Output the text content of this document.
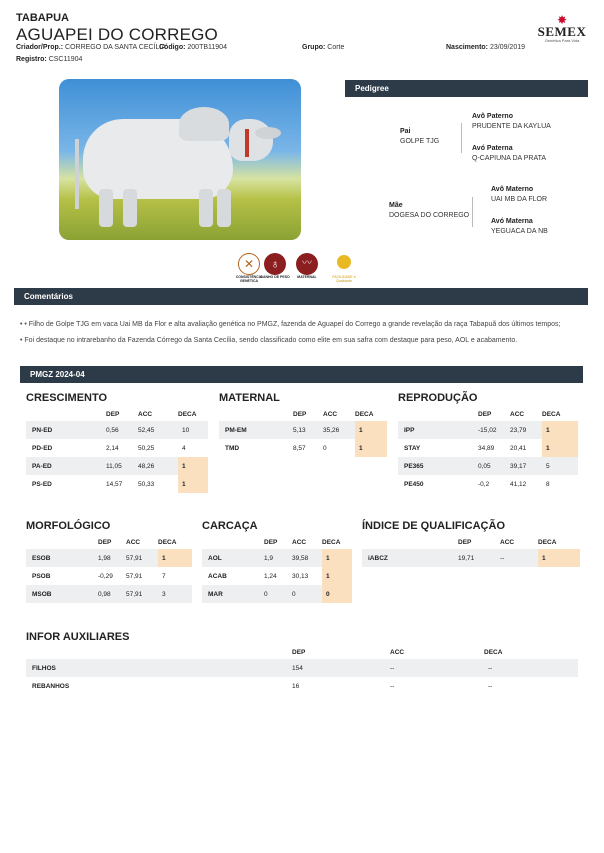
TABAPUA
AGUAPEI DO CORREGO
Criador/Prop.: CORREGO DA SANTA CECÍLIA
Código: 200TB11904	Grupo: Corte	Nascimento: 23/09/2019
Registro: CSC11904
✸
SEMEX
Genética Para Vida
Pedigree
Pai
GOLPE TJG
Avô Paterno
PRUDENTE DA KAYLUA
Avó Paterna
Q-CAPIUNA DA PRATA
Mãe
DOGESA DO CORREGO
Avô Materno
UAI MB DA FLOR
Avó Materna
YEGUACA DA NB
✕
CONSISTÊNCIA GENÉTICA
♁
GANHO DE PESO
〰
MATERNAL	FACILIDADE e Qualidade
Comentários
• • Filho de Golpe TJG em vaca Uai MB da Flor e alta avaliação genética no PMGZ, fazenda de Aguapeí do Corrego a grande revelação da raça Tabapuã dos últimos tempos;
• Foi destaque no intrarebanho da Fazenda Córrego da Santa Cecília, sendo classificado como elite em sua safra com destaque para peso, AOL e acabamento.
PMGZ 2024-04
CRESCIMENTO	MATERNAL	REPRODUÇÃO
MORFOLÓGICO	CARCAÇA	ÍNDICE DE QUALIFICAÇÃO
INFOR AUXILIARES
	DEP	ACC	DECA
PN-ED	0,56	52,45	10
PD-ED	2,14	50,25	4
PA-ED	11,05	48,26	1
PS-ED	14,57	50,33	1
	DEP	ACC	DECA
PM-EM	5,13	35,26	1
TMD	8,57	0	1
	DEP	ACC	DECA
IPP	-15,02	23,79	1
STAY	34,89	20,41	1
PE365	0,05	39,17	5
PE450	-0,2	41,12	8
	DEP	ACC	DECA
ESOB	1,98	57,91	1
PSOB	-0,29	57,91	7
MSOB	0,98	57,91	3
	DEP	ACC	DECA
AOL	1,9	39,58	1
ACAB	1,24	30,13	1
MAR	0	0	0
	DEP	ACC	DECA
iABCZ	19,71	--	1
	DEP	ACC	DECA
FILHOS	154	--	--
REBANHOS	16	--	--
